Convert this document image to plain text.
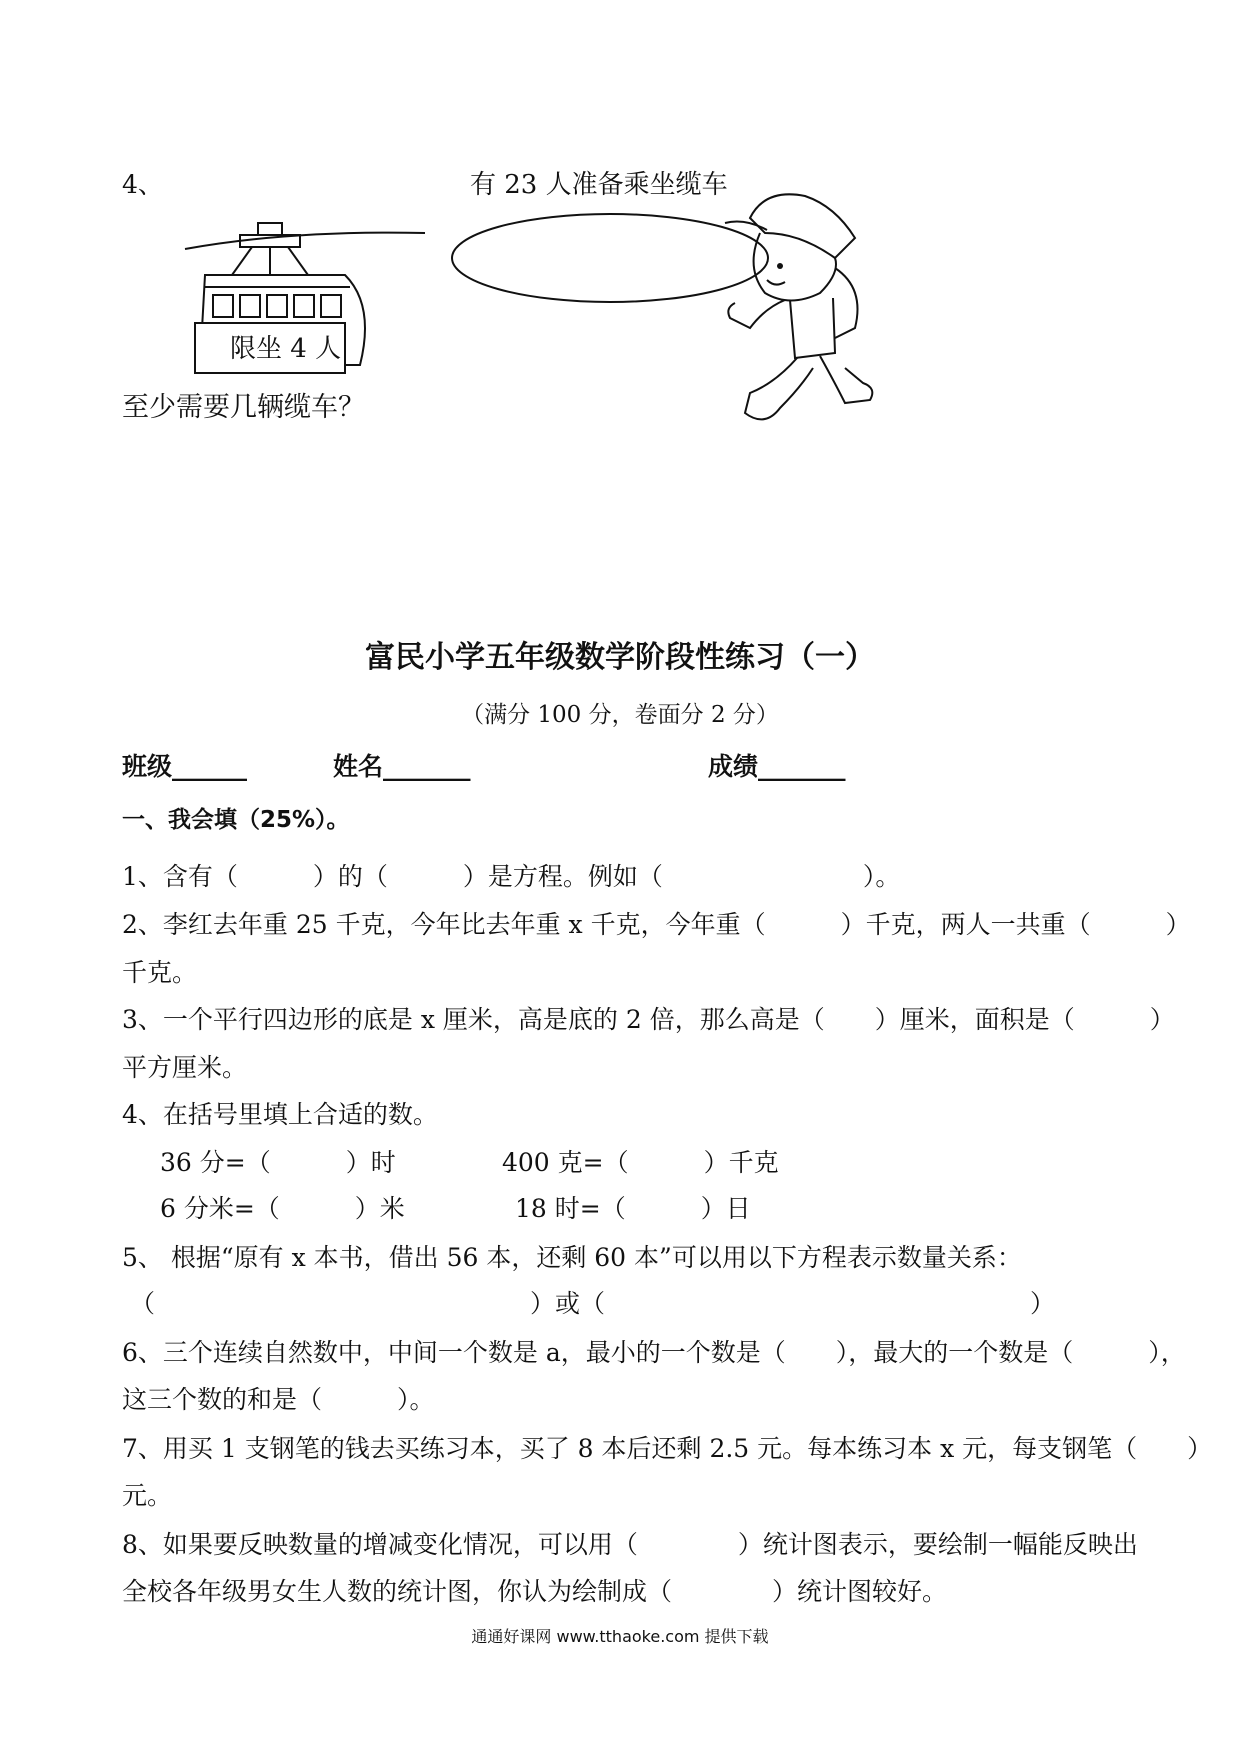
4、	有 23 人准备乘坐缆车
限坐 4 人
至少需要几辆缆车？
富民小学五年级数学阶段性练习（一）
（满分 100 分，卷面分 2 分）
班级______	姓名_______	成绩_______
一、我会填（25%）。
1、含有（　　　）的（　　　）是方程。例如（　　　　　　　　）。
2、李红去年重 25 千克，今年比去年重 x 千克，今年重（　　　）千克，两人一共重（　　　）
千克。
3、一个平行四边形的底是 x 厘米，高是底的 2 倍，那么高是（　　）厘米，面积是（　　　）
平方厘米。
4、在括号里填上合适的数。
36 分=（　　　）时	400 克=（　　　）千克
6 分米=（　　　）米	18 时=（　　　）日
5、 根据“原有 x 本书，借出 56 本，还剩 60 本”可以用以下方程表示数量关系：
（　　　　　　　　　　　　　　　）或（　　　　　　　　　　　　　　　　　）
6、三个连续自然数中，中间一个数是 a，最小的一个数是（　　），最大的一个数是（　　　），
这三个数的和是（　　　）。
7、用买 1 支钢笔的钱去买练习本，买了 8 本后还剩 2.5 元。每本练习本 x 元，每支钢笔（　　）
元。
8、如果要反映数量的增减变化情况，可以用（　　　　）统计图表示，要绘制一幅能反映出
全校各年级男女生人数的统计图，你认为绘制成（　　　　）统计图较好。
通通好课网 www.tthaoke.com 提供下载
